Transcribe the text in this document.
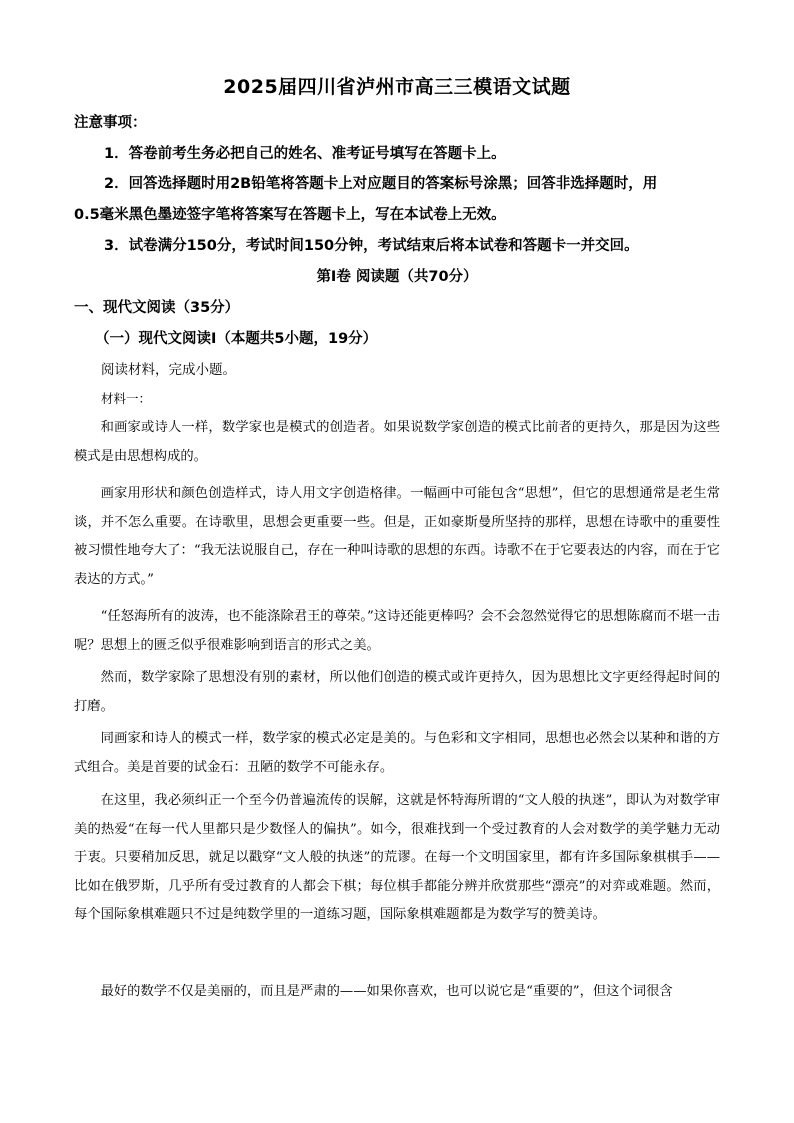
2025届四川省泸州市高三三模语文试题
注意事项：
1．答卷前考生务必把自己的姓名、准考证号填写在答题卡上。
2．回答选择题时用2B铅笔将答题卡上对应题目的答案标号涂黑；回答非选择题时，用
0.5毫米黑色墨迹签字笔将答案写在答题卡上，写在本试卷上无效。
3．试卷满分150分，考试时间150分钟，考试结束后将本试卷和答题卡一并交回。
第I卷 阅读题（共70分）
一、现代文阅读（35分）
（一）现代文阅读I（本题共5小题，19分）
阅读材料，完成小题。
材料一：

和画家或诗人一样，数学家也是模式的创造者。如果说数学家创造的模式比前者的更持久，那是因为这些模式是由思想构成的。

画家用形状和颜色创造样式，诗人用文字创造格律。一幅画中可能包含“思想”，但它的思想通常是老生常谈，并不怎么重要。在诗歌里，思想会更重要一些。但是，正如豪斯曼所坚持的那样，思想在诗歌中的重要性被习惯性地夸大了：“我无法说服自己，存在一种叫诗歌的思想的东西。诗歌不在于它要表达的内容，而在于它表达的方式。”

“任怒海所有的波涛，也不能涤除君王的尊荣。”这诗还能更棒吗？会不会忽然觉得它的思想陈腐而不堪一击呢？思想上的匮乏似乎很难影响到语言的形式之美。

然而，数学家除了思想没有别的素材，所以他们创造的模式或许更持久，因为思想比文字更经得起时间的打磨。

同画家和诗人的模式一样，数学家的模式必定是美的。与色彩和文字相同，思想也必然会以某种和谐的方式组合。美是首要的试金石：丑陋的数学不可能永存。

在这里，我必须纠正一个至今仍普遍流传的误解，这就是怀特海所谓的“文人般的执迷”，即认为对数学审美的热爱“在每一代人里都只是少数怪人的偏执”。如今，很难找到一个受过教育的人会对数学的美学魅力无动于衷。只要稍加反思，就足以戳穿“文人般的执迷”的荒谬。在每一个文明国家里，都有许多国际象棋棋手——比如在俄罗斯，几乎所有受过教育的人都会下棋；每位棋手都能分辨并欣赏那些“漂亮”的对弈或难题。然而，每个国际象棋难题只不过是纯数学里的一道练习题，国际象棋难题都是为数学写的赞美诗。

最好的数学不仅是美丽的，而且是严肃的——如果你喜欢，也可以说它是“重要的”，但这个词很含
